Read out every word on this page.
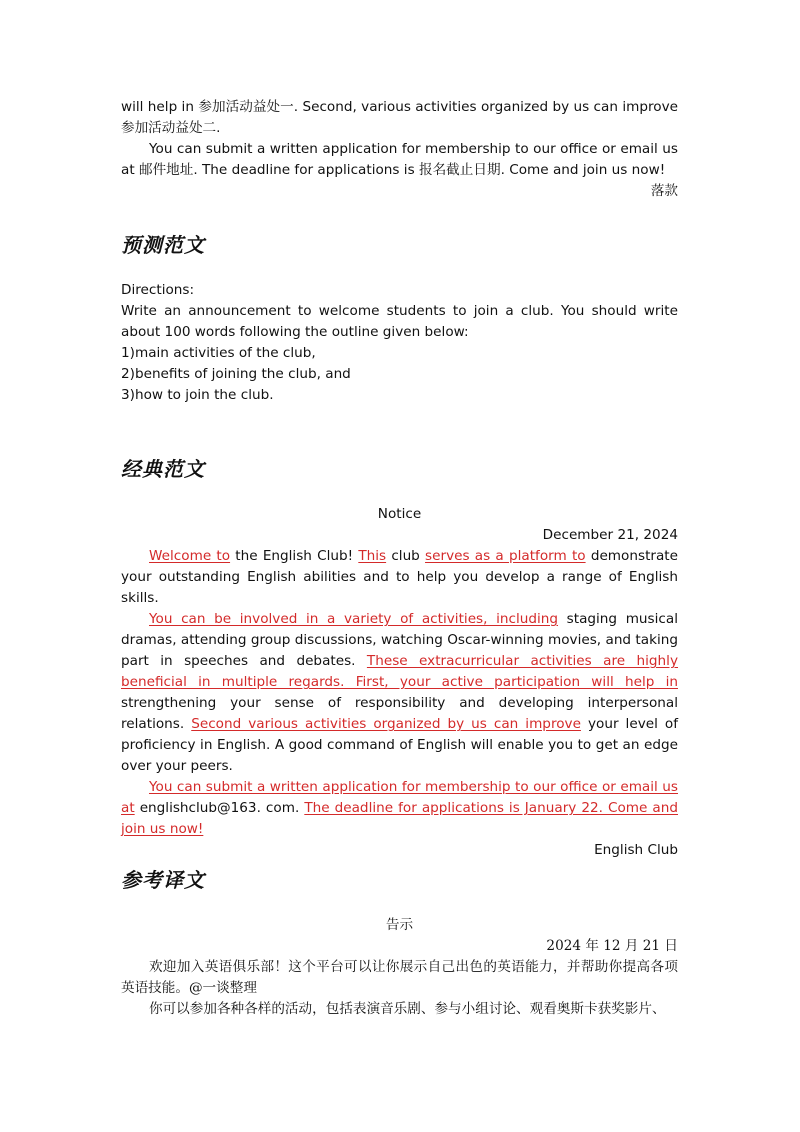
will help in 参加活动益处一. Second, various activities organized by us can improve 参加活动益处二.

You can submit a written application for membership to our office or email us at 邮件地址. The deadline for applications is 报名截止日期. Come and join us now!

落款

预测范文

Directions:

Write an announcement to welcome students to join a club. You should write about 100 words following the outline given below:

1)main activities of the club,

2)benefits of joining the club, and

3)how to join the club.

经典范文

Notice

December 21, 2024

Welcome to the English Club! This club serves as a platform to demonstrate your outstanding English abilities and to help you develop a range of English skills.

You can be involved in a variety of activities, including staging musical dramas, attending group discussions, watching Oscar-winning movies, and taking part in speeches and debates. These extracurricular activities are highly beneficial in multiple regards. First, your active participation will help in strengthening your sense of responsibility and developing interpersonal relations. Second various activities organized by us can improve your level of proficiency in English. A good command of English will enable you to get an edge over your peers.

You can submit a written application for membership to our office or email us at englishclub@163. com. The deadline for applications is January 22. Come and join us now!

English Club

参考译文

告示

2024 年 12 月 21 日

欢迎加入英语俱乐部！这个平台可以让你展示自己出色的英语能力，并帮助你提高各项英语技能。@一谈整理

你可以参加各种各样的活动，包括表演音乐剧、参与小组讨论、观看奥斯卡获奖影片、
